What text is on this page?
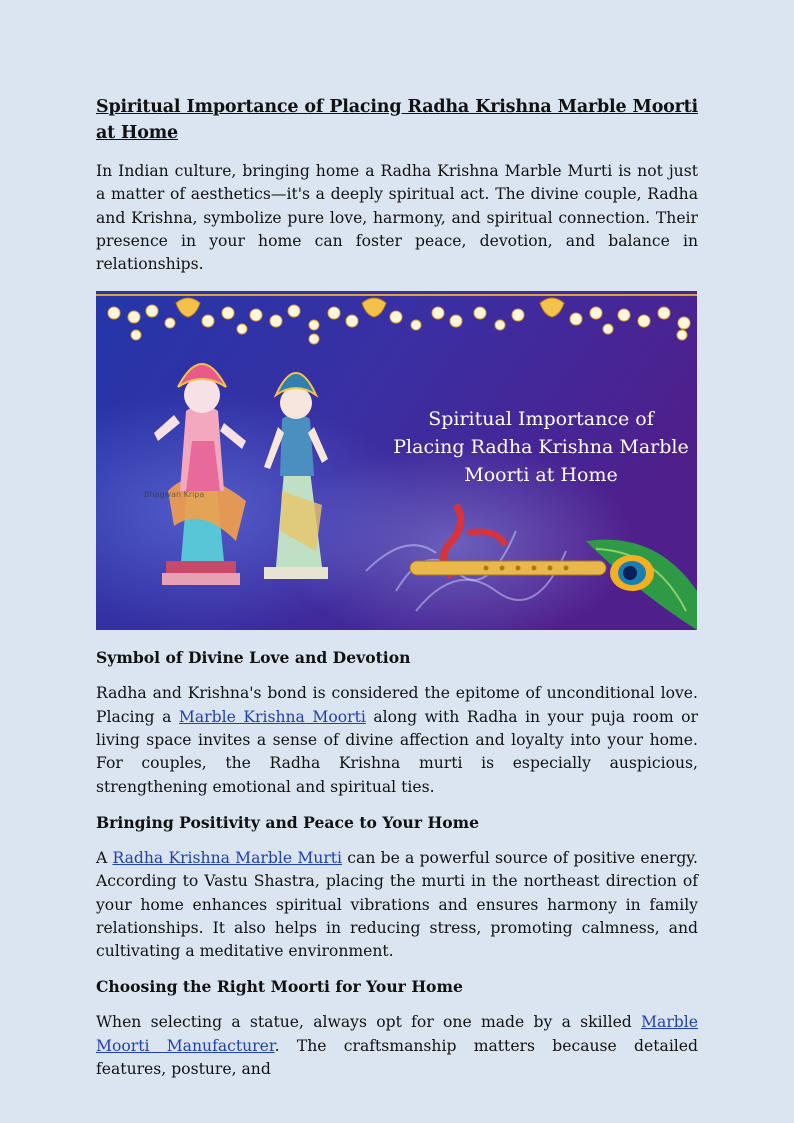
Spiritual Importance of Placing Radha Krishna Marble Moorti at Home

In Indian culture, bringing home a Radha Krishna Marble Murti is not just a matter of aesthetics—it's a deeply spiritual act. The divine couple, Radha and Krishna, symbolize pure love, harmony, and spiritual connection. Their presence in your home can foster peace, devotion, and balance in relationships.

Spiritual Importance of
Placing Radha Krishna Marble
Moorti at Home
Bhagwan Kripa
Symbol of Divine Love and Devotion

Radha and Krishna's bond is considered the epitome of unconditional love. Placing a Marble Krishna Moorti along with Radha in your puja room or living space invites a sense of divine affection and loyalty into your home. For couples, the Radha Krishna murti is especially auspicious, strengthening emotional and spiritual ties.

Bringing Positivity and Peace to Your Home

A Radha Krishna Marble Murti can be a powerful source of positive energy. According to Vastu Shastra, placing the murti in the northeast direction of your home enhances spiritual vibrations and ensures harmony in family relationships. It also helps in reducing stress, promoting calmness, and cultivating a meditative environment.

Choosing the Right Moorti for Your Home

When selecting a statue, always opt for one made by a skilled Marble Moorti Manufacturer. The craftsmanship matters because detailed features, posture, and
